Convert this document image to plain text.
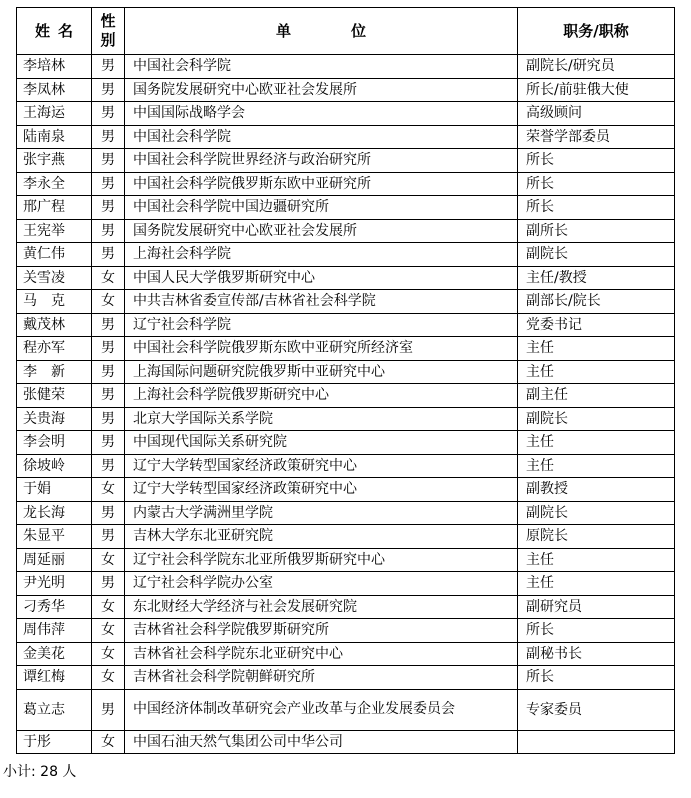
姓名	性别	单位	职务/职称
李培林	男	中国社会科学院	副院长/研究员
李凤林	男	国务院发展研究中心欧亚社会发展所	所长/前驻俄大使
王海运	男	中国国际战略学会	高级顾问
陆南泉	男	中国社会科学院	荣誉学部委员
张宇燕	男	中国社会科学院世界经济与政治研究所	所长
李永全	男	中国社会科学院俄罗斯东欧中亚研究所	所长
邢广程	男	中国社会科学院中国边疆研究所	所长
王宪举	男	国务院发展研究中心欧亚社会发展所	副所长
黄仁伟	男	上海社会科学院	副院长
关雪凌	女	中国人民大学俄罗斯研究中心	主任/教授
马　克	女	中共吉林省委宣传部/吉林省社会科学院	副部长/院长
戴茂林	男	辽宁社会科学院	党委书记
程亦军	男	中国社会科学院俄罗斯东欧中亚研究所经济室	主任
李　新	男	上海国际问题研究院俄罗斯中亚研究中心	主任
张健荣	男	上海社会科学院俄罗斯研究中心	副主任
关贵海	男	北京大学国际关系学院	副院长
李会明	男	中国现代国际关系研究院	主任
徐坡岭	男	辽宁大学转型国家经济政策研究中心	主任
于娟	女	辽宁大学转型国家经济政策研究中心	副教授
龙长海	男	内蒙古大学满洲里学院	副院长
朱显平	男	吉林大学东北亚研究院	原院长
周延丽	女	辽宁社会科学院东北亚所俄罗斯研究中心	主任
尹光明	男	辽宁社会科学院办公室	主任
刁秀华	女	东北财经大学经济与社会发展研究院	副研究员
周伟萍	女	吉林省社会科学院俄罗斯研究所	所长
金美花	女	吉林省社会科学院东北亚研究中心	副秘书长
谭红梅	女	吉林省社会科学院朝鲜研究所	所长
葛立志	男	中国经济体制改革研究会产业改革与企业发展委员会	专家委员
于彤	女	中国石油天然气集团公司中华公司	
小计: 28 人
